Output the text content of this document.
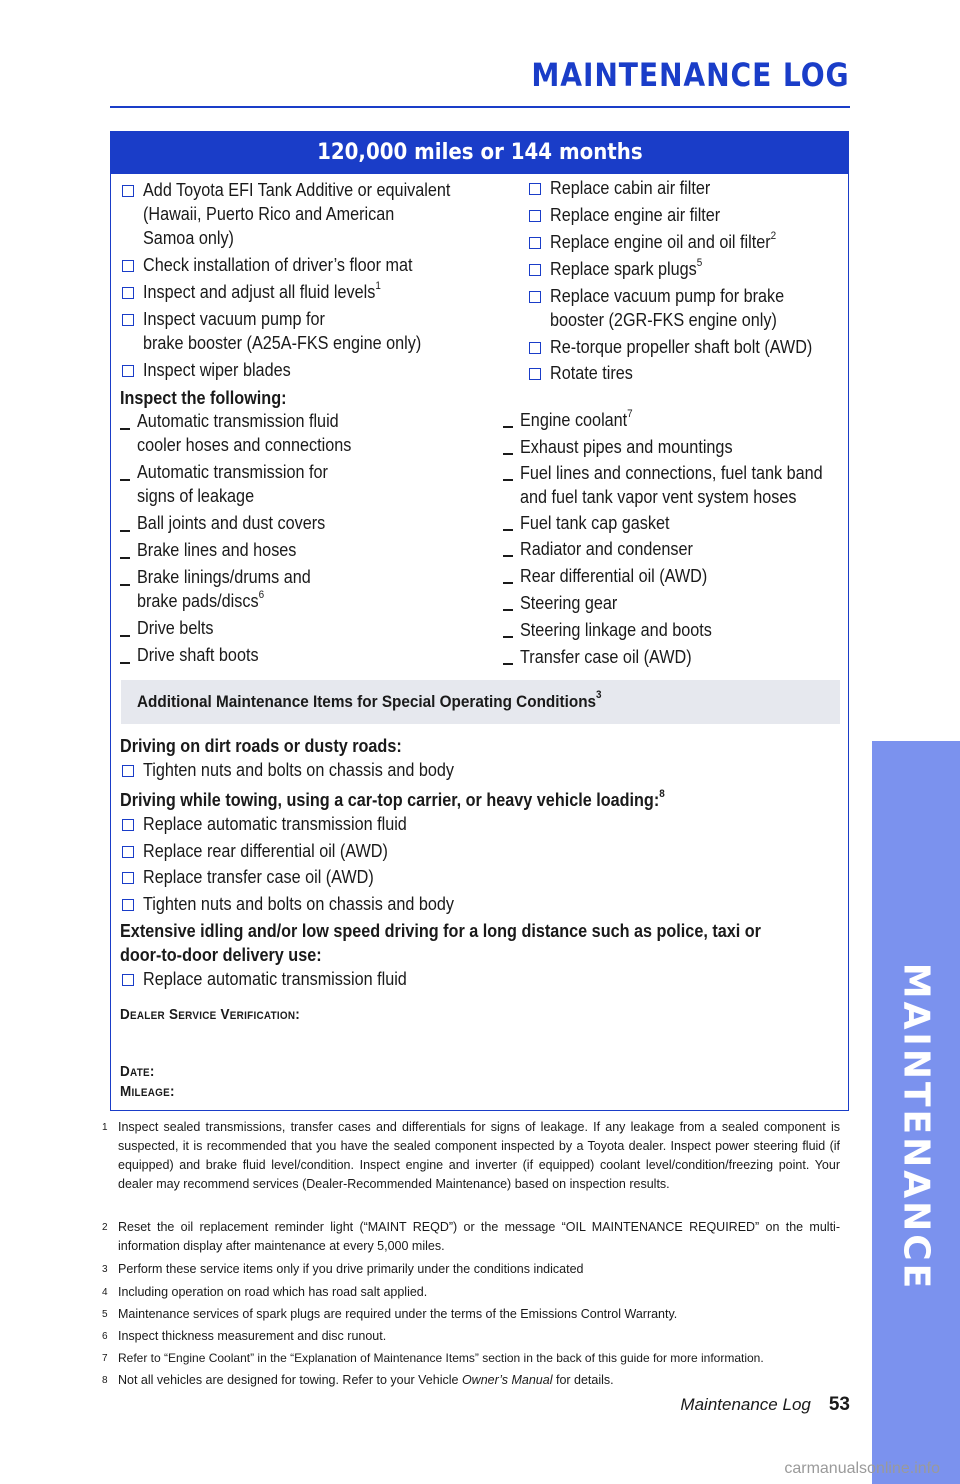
MAINTENANCE LOG
120,000 miles or 144 months
Add Toyota EFI Tank Additive or equivalent
(Hawaii, Puerto Rico and American
Samoa only)
Check installation of driver’s floor mat
Inspect and adjust all fluid levels$^1$
Inspect vacuum pump for
brake booster (A25A-FKS engine only)
Inspect wiper blades
Replace cabin air filter
Replace engine air filter
Replace engine oil and oil filter$^2$
Replace spark plugs$^5$
Replace vacuum pump for brake
booster (2GR-FKS engine only)
Re-torque propeller shaft bolt (AWD)
Rotate tires
Inspect the following:
Automatic transmission fluid
cooler hoses and connections
Automatic transmission for
signs of leakage
Ball joints and dust covers
Brake lines and hoses
Brake linings/drums and
brake pads/discs$^6$
Drive belts
Drive shaft boots
Engine coolant$^7$
Exhaust pipes and mountings
Fuel lines and connections, fuel tank band
and fuel tank vapor vent system hoses
Fuel tank cap gasket
Radiator and condenser
Rear differential oil (AWD)
Steering gear
Steering linkage and boots
Transfer case oil (AWD)
Additional Maintenance Items for Special Operating Conditions$^3$
Driving on dirt roads or dusty roads:
Tighten nuts and bolts on chassis and body
Driving while towing, using a car-top carrier, or heavy vehicle loading:$^8$
Replace automatic transmission fluid
Replace rear differential oil (AWD)
Replace transfer case oil (AWD)
Tighten nuts and bolts on chassis and body
Extensive idling and/or low speed driving for a long distance such as police, taxi or
door-to-door delivery use:
Replace automatic transmission fluid
Dealer Service Verification:
Date:
Mileage:
1 Inspect sealed transmissions, transfer cases and differentials for signs of leakage. If any leakage from a sealed component is suspected, it is recommended that you have the sealed component inspected by a Toyota dealer. Inspect power steering fluid (if equipped) and brake fluid level/condition. Inspect engine and inverter (if equipped) coolant level/condition/freezing point. Your dealer may recommend services (Dealer-Recommended Maintenance) based on inspection results.
2 Reset the oil replacement reminder light (“MAINT REQD”) or the message “OIL MAINTENANCE REQUIRED” on the multi-information display after maintenance at every 5,000 miles.
3 Perform these service items only if you drive primarily under the conditions indicated
4 Including operation on road which has road salt applied.
5 Maintenance services of spark plugs are required under the terms of the Emissions Control Warranty.
6 Inspect thickness measurement and disc runout.
7 Refer to “Engine Coolant” in the “Explanation of Maintenance Items” section in the back of this guide for more information.
8 Not all vehicles are designed for towing. Refer to your Vehicle Owner’s Manual for details.
MAINTENANCE
Maintenance Log 53
carmanualsonline.info
